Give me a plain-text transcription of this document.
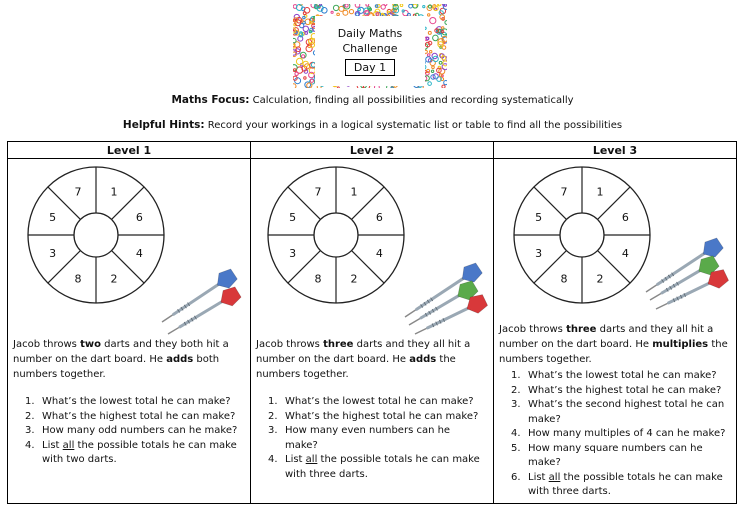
Daily Maths
Challenge
Day 1
Maths Focus: Calculation, finding all possibilities and recording systematically
Helpful Hints: Record your workings in a logical systematic list or table to find all the possibilities
Level 1
1
6
4
2
8
3
5
7
Jacob throws two darts and they both hit a number on the dart board. He adds both numbers together.
1. What’s the lowest total he can make?
2. What’s the highest total he can make?
3. How many odd numbers can he make?
4. List all the possible totals he can make with two darts.
Level 2
1
6
4
2
8
3
5
7
Jacob throws three darts and they all hit a number on the dart board. He adds the numbers together.
1. What’s the lowest total he can make?
2. What’s the highest total he can make?
3. How many even numbers can he make?
4. List all the possible totals he can make with three darts.
Level 3
1
6
4
2
8
3
5
7
Jacob throws three darts and they all hit a number on the dart board. He multiplies the numbers together.
1. What’s the lowest total he can make?
2. What’s the highest total he can make?
3. What’s the second highest total he can make?
4. How many multiples of 4 can he make?
5. How many square numbers can he make?
6. List all the possible totals he can make with three darts.
